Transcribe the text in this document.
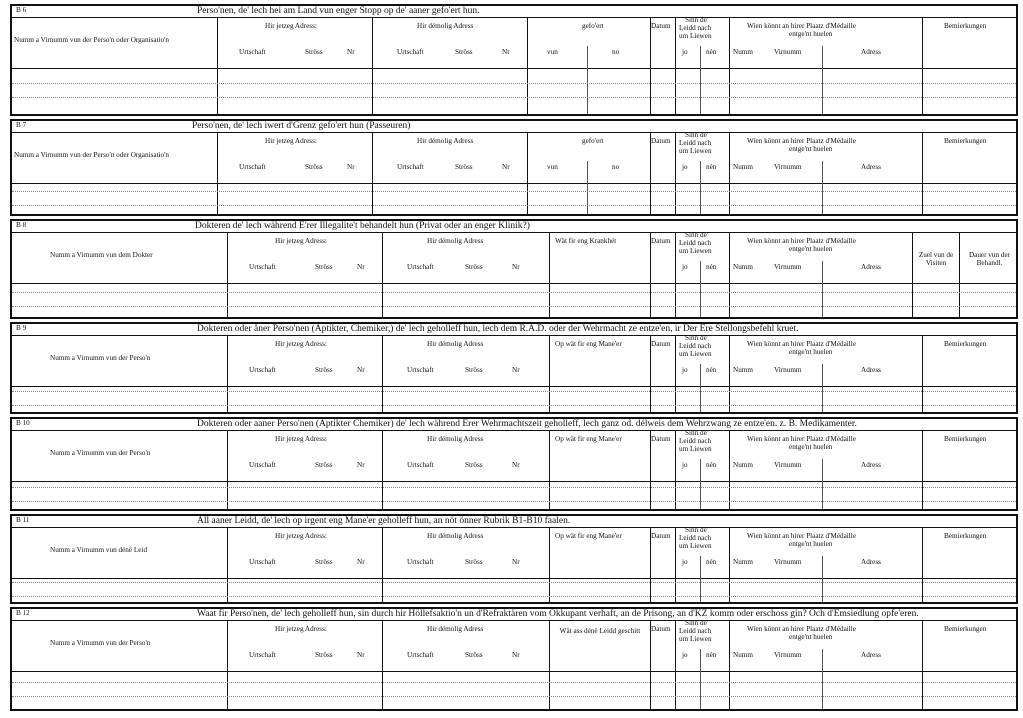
B 6	Perso'nen, de' lech hei am Land vun enger Stopp op de' aaner gefo'ert hun.
Numm a Virnumm vun der Perso'n oder Organisatio'n
Hir jetzeg Adress:
Urtschaft	Ströss	Nr
Hir démolig Adress
Urtschaft	Ströss	Nr
gefo'ert
vun	no
Datum
Sinn de'
Leidd nach
um Liewen
jo	nén
Wien könnt an hirer Plaatz d'Médaille
entge'nt huelen
Numm	Virnumm	Adress
Bemierkungen
B 7	Perso'nen, de' lech iwert d'Grenz gefo'ert hun (Passeuren)
Numm a Virnumm vun der Perso'n oder Organisatio'n
Hir jetzeg Adress:
Urtschaft	Ströss	Nr
Hir démolig Adress
Urtschaft	Ströss	Nr
gefo'ert
vun	no
Datum
Sinn de'
Leidd nach
um Liewen
jo	nén
Wien könnt an hirer Plaatz d'Médaille
entge'nt huelen
Numm	Virnumm	Adress
Bemierkungen
B 8	Dokteren de' lech während E'rer Illegalite't behandelt hun (Privat oder an enger Klinik?)
Numm a Virnumm vun dem Dokter
Hir jetzeg Adress:
Urtschaft	Ströss	Nr
Hir démolig Adress
Urtschaft	Ströss	Nr
Wät fir eng Krankhét	Datum
Sinn de'
Leidd nach
um Liewen
jo	nén
Wien könnt an hirer Plaatz d'Médaille
entge'nt huelen
Numm	Virnumm	Adress
Zuel vun de Visiten
Dauer vun der Behandl.
B 9	Dokteren oder åner Perso'nen (Aptikter, Chemiker,) de' lech geholleff hun, lech dem R.A.D. oder der Wehrmacht ze entze'en, ir Der Ere Stellongsbefehl kruet.
Numm a Virnumm vun der Perso'n
Hir jetzeg Adress:
Urtschaft	Ströss	Nr
Hir démolig Adress
Urtschaft	Ströss	Nr
Op wät fir eng Mane'er	Datum
Sinn de'
Leidd nach
um Liewen
jo	nén
Wien könnt an hirer Plaatz d'Médaille
entge'nt huelen
Numm	Virnumm	Adress
Bemierkungen
B 10	Dokteren oder aaner Perso'nen (Aptikter Chemiker) de' lech während Erer Wehrmachtszeit geholleff, lech ganz od. délweis dem Wehrzwang ze entze'en. z. B. Medikamenter.
Numm a Virnumm vun der Perso'n
Hir jetzeg Adress:
Urtschaft	Ströss	Nr
Hir démolig Adress
Urtschaft	Ströss	Nr
Op wät fir eng Mane'er	Datum
Sinn de'
Leidd nach
um Liewen
jo	nén
Wien könnt an hirer Plaatz d'Médaille
entge'nt huelen
Numm	Virnumm	Adress
Bemierkungen
B 11	All aaner Leidd, de' lech op irgent eng Mane'er geholleff hun, an nöt önner Rubrik B1-B10 faalen.
Numm a Virnumm vun dénë Leid
Hir jetzeg Adress:
Urtschaft	Ströss	Nr
Hir démolig Adress
Urtschaft	Ströss	Nr
Op wät fir eng Mane'er	Datum
Sinn de'
Leidd nach
um Liewen
jo	nén
Wien könnt an hirer Plaatz d'Médaille
entge'nt huelen
Numm	Virnumm	Adress
Bemierkungen
B 12	Waat fir Perso'nen, de' lech geholleff hun, sin durch hir Höllefsaktio'n un d'Refraktären vom Okkupant verhaft, an de Prisong, an d'KZ komm oder erschoss gin? Och d'Emsiedlung opfe'eren.
Numm a Virnumm vun der Perso'n
Hir jetzeg Adress:
Urtschaft	Ströss	Nr
Hir démolig Adress
Urtschaft	Ströss	Nr
Wät ass dénë Leidd geschitt	Datum
Sinn de'
Leidd nach
um Liewen
jo	nén
Wien könnt an hirer Plaatz d'Médaille
entge'nt huelen
Numm	Virnumm	Adress
Bemierkungen
